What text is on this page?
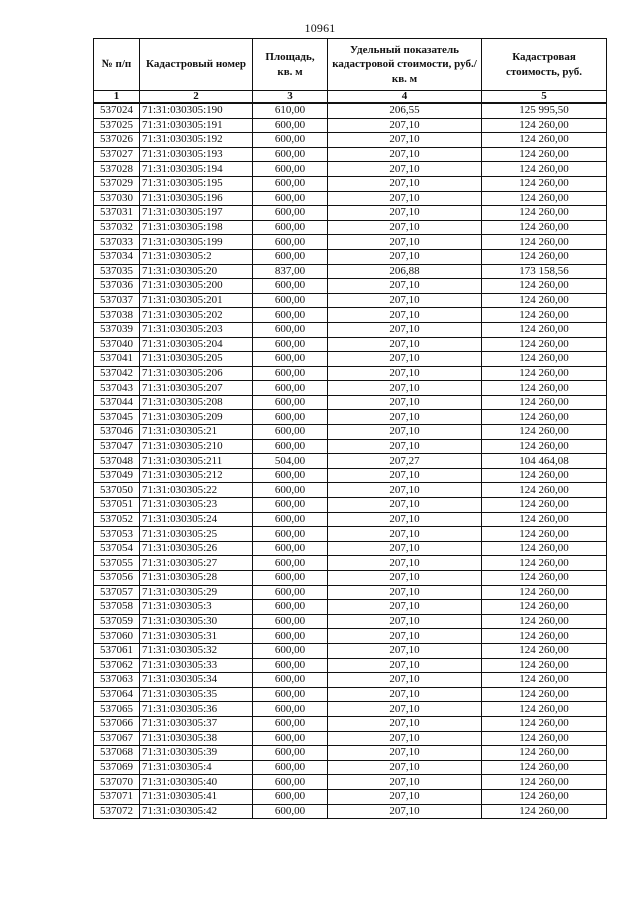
10961
№ п/п	Кадастровый номер	Площадь, кв. м	Удельный показатель кадастровой стоимости, руб./кв. м	Кадастровая стоимость, руб.
1	2	3	4	5
537024	71:31:030305:190	610,00	206,55	125 995,50
537025	71:31:030305:191	600,00	207,10	124 260,00
537026	71:31:030305:192	600,00	207,10	124 260,00
537027	71:31:030305:193	600,00	207,10	124 260,00
537028	71:31:030305:194	600,00	207,10	124 260,00
537029	71:31:030305:195	600,00	207,10	124 260,00
537030	71:31:030305:196	600,00	207,10	124 260,00
537031	71:31:030305:197	600,00	207,10	124 260,00
537032	71:31:030305:198	600,00	207,10	124 260,00
537033	71:31:030305:199	600,00	207,10	124 260,00
537034	71:31:030305:2	600,00	207,10	124 260,00
537035	71:31:030305:20	837,00	206,88	173 158,56
537036	71:31:030305:200	600,00	207,10	124 260,00
537037	71:31:030305:201	600,00	207,10	124 260,00
537038	71:31:030305:202	600,00	207,10	124 260,00
537039	71:31:030305:203	600,00	207,10	124 260,00
537040	71:31:030305:204	600,00	207,10	124 260,00
537041	71:31:030305:205	600,00	207,10	124 260,00
537042	71:31:030305:206	600,00	207,10	124 260,00
537043	71:31:030305:207	600,00	207,10	124 260,00
537044	71:31:030305:208	600,00	207,10	124 260,00
537045	71:31:030305:209	600,00	207,10	124 260,00
537046	71:31:030305:21	600,00	207,10	124 260,00
537047	71:31:030305:210	600,00	207,10	124 260,00
537048	71:31:030305:211	504,00	207,27	104 464,08
537049	71:31:030305:212	600,00	207,10	124 260,00
537050	71:31:030305:22	600,00	207,10	124 260,00
537051	71:31:030305:23	600,00	207,10	124 260,00
537052	71:31:030305:24	600,00	207,10	124 260,00
537053	71:31:030305:25	600,00	207,10	124 260,00
537054	71:31:030305:26	600,00	207,10	124 260,00
537055	71:31:030305:27	600,00	207,10	124 260,00
537056	71:31:030305:28	600,00	207,10	124 260,00
537057	71:31:030305:29	600,00	207,10	124 260,00
537058	71:31:030305:3	600,00	207,10	124 260,00
537059	71:31:030305:30	600,00	207,10	124 260,00
537060	71:31:030305:31	600,00	207,10	124 260,00
537061	71:31:030305:32	600,00	207,10	124 260,00
537062	71:31:030305:33	600,00	207,10	124 260,00
537063	71:31:030305:34	600,00	207,10	124 260,00
537064	71:31:030305:35	600,00	207,10	124 260,00
537065	71:31:030305:36	600,00	207,10	124 260,00
537066	71:31:030305:37	600,00	207,10	124 260,00
537067	71:31:030305:38	600,00	207,10	124 260,00
537068	71:31:030305:39	600,00	207,10	124 260,00
537069	71:31:030305:4	600,00	207,10	124 260,00
537070	71:31:030305:40	600,00	207,10	124 260,00
537071	71:31:030305:41	600,00	207,10	124 260,00
537072	71:31:030305:42	600,00	207,10	124 260,00
